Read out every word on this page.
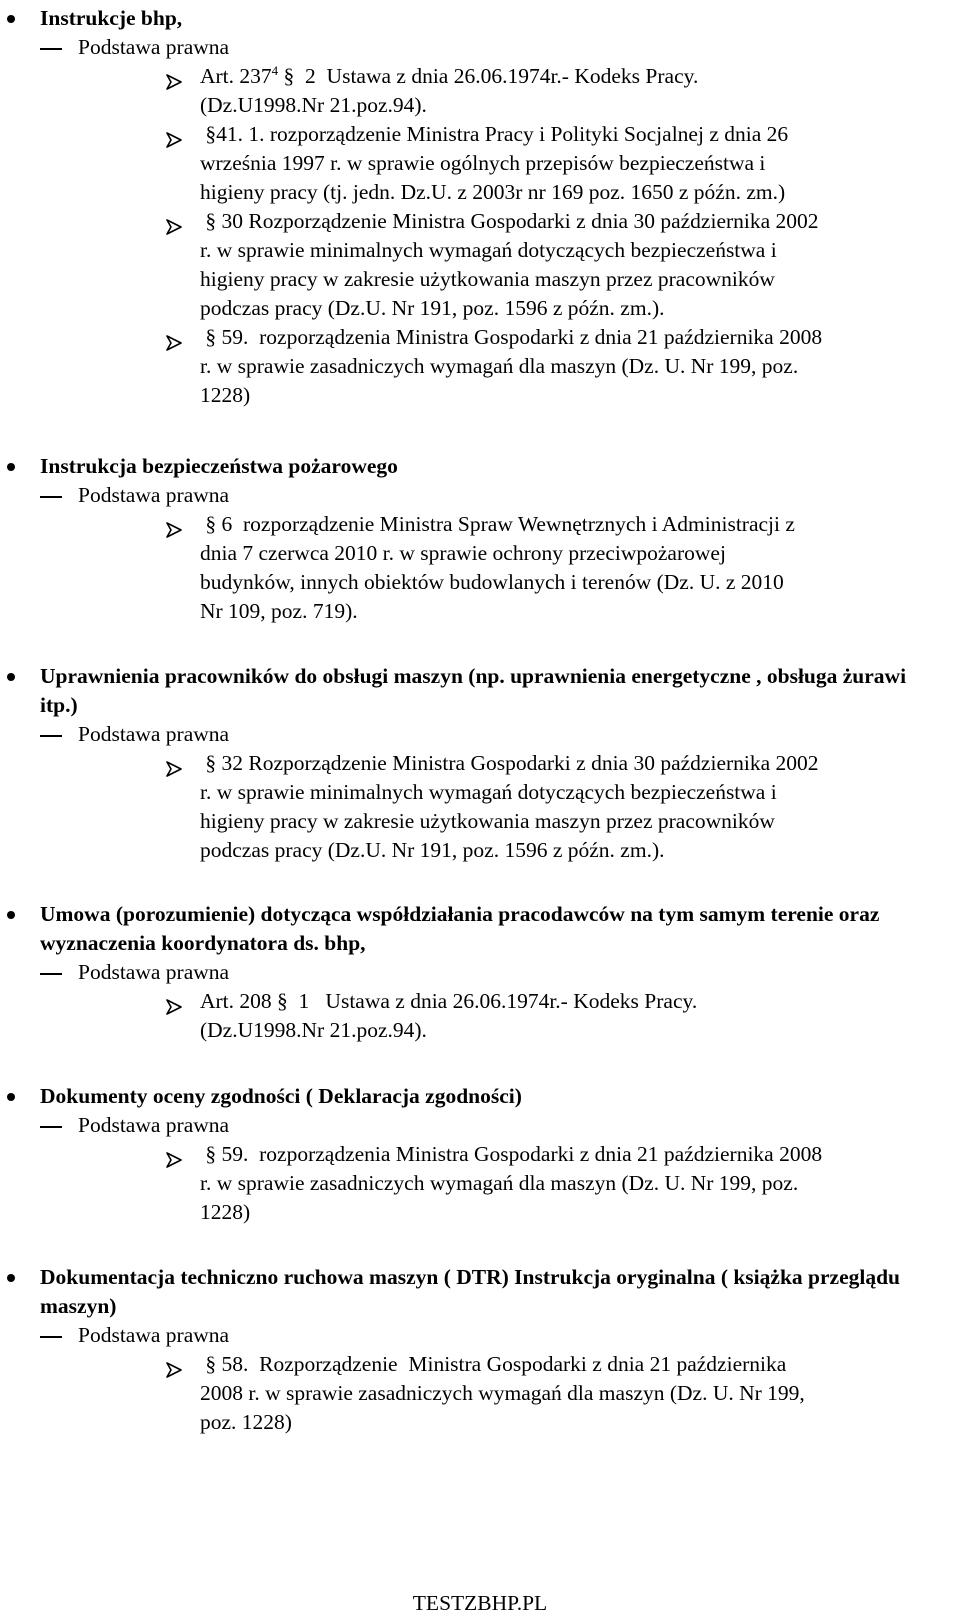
Instrukcje bhp,
Podstawa prawna
Art. $237^4$ §  2  Ustawa z dnia 26.06.1974r.- Kodeks Pracy.
(Dz.U1998.Nr 21.poz.94).
§41. 1. rozporządzenie Ministra Pracy i Polityki Socjalnej z dnia 26
września 1997 r. w sprawie ogólnych przepisów bezpieczeństwa i
higieny pracy (tj. jedn. Dz.U. z 2003r nr 169 poz. 1650 z późn. zm.)
§ 30 Rozporządzenie Ministra Gospodarki z dnia 30 października 2002
r. w sprawie minimalnych wymagań dotyczących bezpieczeństwa i
higieny pracy w zakresie użytkowania maszyn przez pracowników
podczas pracy (Dz.U. Nr 191, poz. 1596 z późn. zm.).
§ 59.  rozporządzenia Ministra Gospodarki z dnia 21 października 2008
r. w sprawie zasadniczych wymagań dla maszyn (Dz. U. Nr 199, poz.
1228)
Instrukcja bezpieczeństwa pożarowego
Podstawa prawna
§ 6  rozporządzenie Ministra Spraw Wewnętrznych i Administracji z
dnia 7 czerwca 2010 r. w sprawie ochrony przeciwpożarowej
budynków, innych obiektów budowlanych i terenów (Dz. U. z 2010
Nr 109, poz. 719).
Uprawnienia pracowników do obsługi maszyn (np. uprawnienia energetyczne , obsługa żurawi itp.)
Podstawa prawna
§ 32 Rozporządzenie Ministra Gospodarki z dnia 30 października 2002
r. w sprawie minimalnych wymagań dotyczących bezpieczeństwa i
higieny pracy w zakresie użytkowania maszyn przez pracowników
podczas pracy (Dz.U. Nr 191, poz. 1596 z późn. zm.).
Umowa (porozumienie) dotycząca współdziałania pracodawców na tym samym terenie oraz wyznaczenia koordynatora ds. bhp,
Podstawa prawna
Art. 208 §  1   Ustawa z dnia 26.06.1974r.- Kodeks Pracy.
(Dz.U1998.Nr 21.poz.94).
Dokumenty oceny zgodności ( Deklaracja zgodności)
Podstawa prawna
§ 59.  rozporządzenia Ministra Gospodarki z dnia 21 października 2008
r. w sprawie zasadniczych wymagań dla maszyn (Dz. U. Nr 199, poz.
1228)
Dokumentacja techniczno ruchowa maszyn ( DTR) Instrukcja oryginalna ( książka przeglądu maszyn)
Podstawa prawna
§ 58.  Rozporządzenie  Ministra Gospodarki z dnia 21 października
2008 r. w sprawie zasadniczych wymagań dla maszyn (Dz. U. Nr 199,
poz. 1228)
TESTZBHP.PL
